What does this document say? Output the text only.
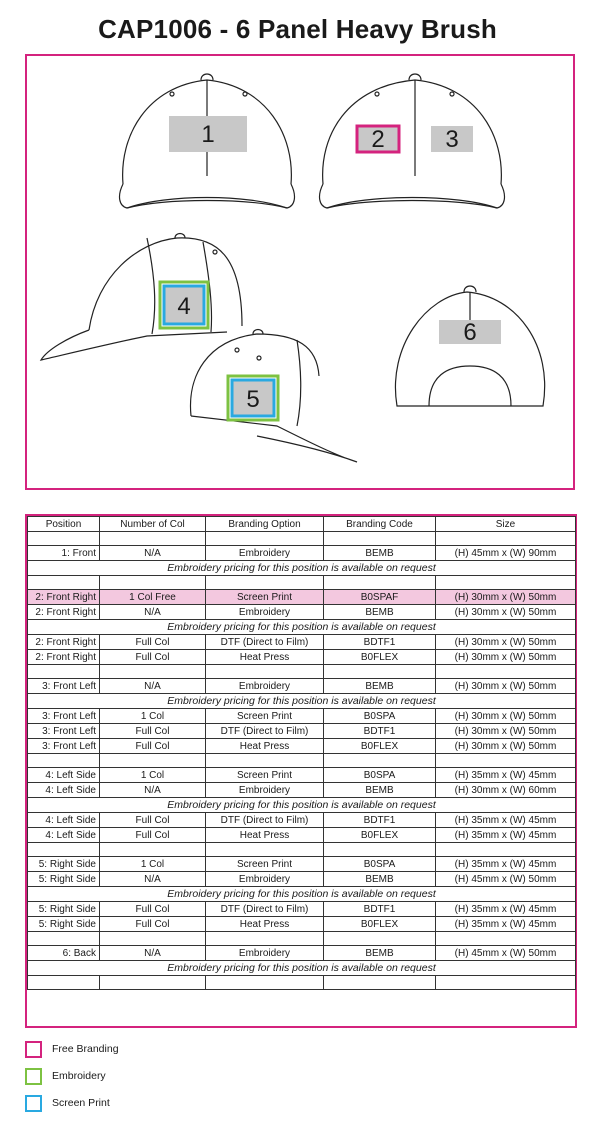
CAP1006 - 6 Panel Heavy Brush
1	2	3
4
5
6
Position	Number of Col	Branding Option	Branding Code	Size

1: Front	N/A	Embroidery	BEMB	(H) 45mm x (W) 90mm
Embroidery pricing for this position is available on request				

2: Front Right	1 Col Free	Screen Print	B0SPAF	(H) 30mm x (W) 50mm
2: Front Right	N/A	Embroidery	BEMB	(H) 30mm x (W) 50mm
Embroidery pricing for this position is available on request				
2: Front Right	Full Col	DTF (Direct to Film)	BDTF1	(H) 30mm x (W) 50mm
2: Front Right	Full Col	Heat Press	B0FLEX	(H) 30mm x (W) 50mm

3: Front Left	N/A	Embroidery	BEMB	(H) 30mm x (W) 50mm
Embroidery pricing for this position is available on request				
3: Front Left	1 Col	Screen Print	B0SPA	(H) 30mm x (W) 50mm
3: Front Left	Full Col	DTF (Direct to Film)	BDTF1	(H) 30mm x (W) 50mm
3: Front Left	Full Col	Heat Press	B0FLEX	(H) 30mm x (W) 50mm

4: Left Side	1 Col	Screen Print	B0SPA	(H) 35mm x (W) 45mm
4: Left Side	N/A	Embroidery	BEMB	(H) 30mm x (W) 60mm
Embroidery pricing for this position is available on request				
4: Left Side	Full Col	DTF (Direct to Film)	BDTF1	(H) 35mm x (W) 45mm
4: Left Side	Full Col	Heat Press	B0FLEX	(H) 35mm x (W) 45mm

5: Right Side	1 Col	Screen Print	B0SPA	(H) 35mm x (W) 45mm
5: Right Side	N/A	Embroidery	BEMB	(H) 45mm x (W) 50mm
Embroidery pricing for this position is available on request				
5: Right Side	Full Col	DTF (Direct to Film)	BDTF1	(H) 35mm x (W) 45mm
5: Right Side	Full Col	Heat Press	B0FLEX	(H) 35mm x (W) 45mm

6: Back	N/A	Embroidery	BEMB	(H) 45mm x (W) 50mm
Embroidery pricing for this position is available on request				

Free Branding
Embroidery
Screen Print
